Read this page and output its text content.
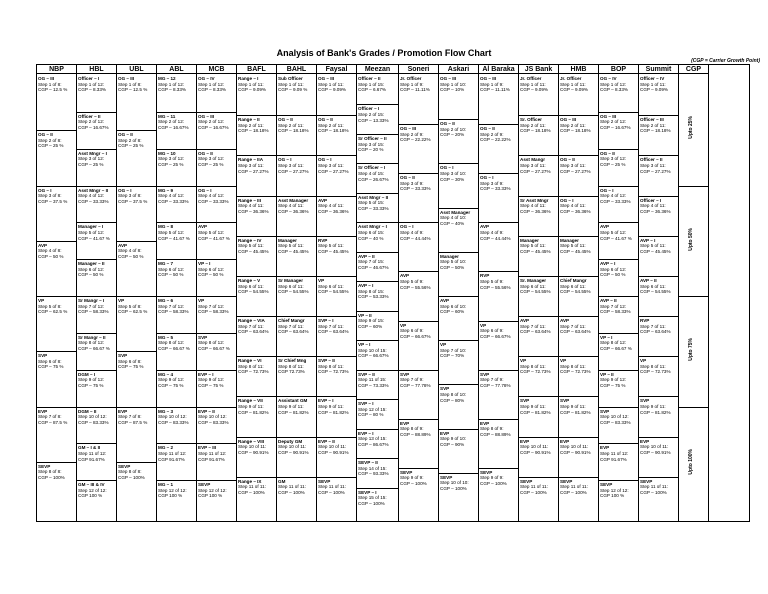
Analysis of Bank's Grades / Promotion Flow Chart
(CGP = Carrier Growth Point)
NBP
OG – III
Step 1 of 8:
CGP – 12.5 %
OG – II
Step 2 of 8:
CGP – 25 %
OG – I
Step 3 of 8:
CGP – 37.5 %
AVP
Step 4 of 8:
CGP – 50 %
VP
Step 5 of 8:
CGP – 62.5 %
SVP
Step 6 of 8:
CGP – 75 %
EVP
Step 7 of 8:
CGP – 87.5 %
SEVP
Step 8 of 8:
CGP – 100%
HBL
Officer – I
Step 1 of 12:
CGP – 8.33%
Officer – II
Step 2 of 12:
CGP – 16.67%
Asst Mngr – I
Step 3 of 12:
CGP – 25 %
Asst Mngr – II
Step 4 of 12:
CGP – 33.33%
Manager – I
Step 5 of 12:
CGP – 41.67 %
Manager – II
Step 6 of 12:
CGP – 50 %
Sr Mangr – I
Step 7 of 12:
CGP – 58.33%
Sr Mangr – II
Step 8 of 12:
CGP – 66.67 %
DGM – I
Step 9 of 12:
CGP – 75 %
DGM – II
Step 10 of 12:
CGP – 83.33%
GM – I & II
Step 11 of 12:
CGP 91.67%
GM – III & IV
Step 12 of 12:
CGP 100 %
UBL
OG – III
Step 1 of 8:
CGP – 12.5 %
OG – II
Step 2 of 8:
CGP – 25 %
OG – I
Step 3 of 8:
CGP – 37.5 %
AVP
Step 4 of 8:
CGP – 50 %
VP
Step 5 of 8:
CGP – 62.5 %
SVP
Step 6 of 8:
CGP – 75 %
EVP
Step 7 of 8:
CGP – 87.5 %
SEVP
Step 8 of 8:
CGP – 100%
ABL
MG – 12
Step 1 of 12:
CGP – 8.33%
MG – 11
Step 2 of 12:
CGP – 16.67%
MG – 10
Step 3 of 12:
CGP – 25 %
MG – 9
Step 4 of 12:
CGP – 33.33%
MG – 8
Step 5 of 12:
CGP – 41.67 %
MG – 7
Step 6 of 12:
CGP – 50 %
MG – 6
Step 7 of 12:
CGP – 58.33%
MG – 5
Step 8 of 12:
CGP – 66.67 %
MG – 4
Step 9 of 12:
CGP – 75 %
MG – 3
Step 10 of 12:
CGP – 83.33%
MG – 2
Step 11 of 12:
CGP 91.67%
MG – 1
Step 12 of 12:
CGP 100 %
MCB
OG – IV
Step 1 of 12:
CGP – 8.33%
OG – III
Step 2 of 12:
CGP – 16.67%
OG – II
Step 3 of 12:
CGP – 25 %
OG – I
Step 4 of 12:
CGP – 33.33%
AVP
Step 5 of 12:
CGP – 41.67 %
VP – I
Step 6 of 12:
CGP – 50 %
VP
Step 7 of 12:
CGP – 58.33%
SVP
Step 8 of 12:
CGP – 66.67 %
EVP – I
Step 9 of 12:
CGP – 75 %
EVP – II
Step 10 of 12:
CGP – 83.33%
EVP – III
Step 11 of 12:
CGP 91.67%
SEVP
Step 12 of 12:
CGP 100 %
BAFL
Range – I
Step 1 of 11:
CGP – 9.09%
Range – II
Step 2 of 11:
CGP – 18.18%
Range – IIA
Step 3 of 11:
CGP – 27.27%
Range – III
Step 4 of 11:
CGP – 36.36%
Range – IV
Step 5 of 11:
CGP – 45.45%
Range – V
Step 6 of 11:
CGP – 54.55%
Range – VIA
Step 7 of 11:
CGP – 63.64%
Range – VI
Step 8 of 11:
CGP – 72.73%
Range – VII
Step 9 of 11:
CGP – 81.82%
Range – VIII
Step 10 of 11:
CGP – 90.91%
Range – IX
Step 11 of 11:
CGP – 100%
BAHL
Sub Officer
Step 1 of 11:
CGP – 9.09 %
OG – II
Step 2 of 11:
CGP – 18.18%
OG – I
Step 3 of 11:
CGP – 27.27%
Asst Manager
Step 4 of 11:
CGP – 36.36%
Manager
Step 5 of 11:
CGP – 45.45%
Sr Manager
Step 6 of 11:
CGP – 54.55%
Chief Mangr
Step 7 of 11:
CGP – 63.64%
Sr Chief Mng
Step 8 of 11:
CGP 72.73%
Assistant GM
Step 9 of 11:
CGP – 81.82%
Deputy GM
Step 10 of 11:
CGP – 90.91%
GM
Step 11 of 11:
CGP – 100%
Faysal
OG – III
Step 1 of 11:
CGP – 9.09%
OG – II
Step 2 of 11:
CGP – 18.18%
OG – I
Step 3 of 11:
CGP – 27.27%
AVP
Step 4 of 11:
CGP – 36.36%
RVP
Step 5 of 11:
CGP – 45.45%
VP
Step 6 of 11:
CGP – 54.55%
SVP – I
Step 7 of 11:
CGP – 63.64%
SVP – II
Step 8 of 11:
CGP – 72.73%
EVP – I
Step 9 of 11:
CGP – 81.82%
EVP – II
Step 10 of 11:
CGP – 90.91%
SEVP
Step 11 of 11:
CGP – 100%
Meezan
Officer – II
Step 1 of 15:
CGP – 6.67%
Officer – I
Step 2 of 15:
CGP – 13.33%
Sr Officer – II
Step 3 of 15:
CGP – 20 %
Sr Officer – I
Step 4 of 15:
CGP – 26.67%
Asst Mngr – II
Step 5 of 15:
CGP – 33.33%
Asst Mngr – I
Step 6 of 15:
CGP – 40 %
AVP – II
Step 7 of 15:
CGP – 46.67%
AVP – I
Step 8 of 15:
CGP – 53.33%
VP – II
Step 9 of 15:
CGP – 60%
VP – I
Step 10 of 15:
CGP – 66.67%
SVP – II
Step 11 of 15:
CGP – 73.33%
SVP – I
Step 12 of 15:
CGP – 80 %
EVP – I
Step 13 of 15:
CGP – 86.67%
SEVP – II
Step 14 of 15:
CGP – 93.33%
SEVP – I
Step 15 of 15:
CGP – 100%
Soneri
Jr. Officer
Step 1 of 9:
CGP – 11.11%
OG – III
Step 2 of 9:
CGP – 22.22%
OG – II
Step 3 of 9:
CGP – 33.33%
OG – I
Step 4 of 9:
CGP – 44.44%
AVP
Step 5 of 9:
CGP – 55.56%
VP
Step 6 of 9:
CGP – 66.67%
SVP
Step 7 of 9:
CGP – 77.78%
EVP
Step 8 of 9:
CGP – 88.89%
SEVP
Step 9 of 9:
CGP – 100%
Askari
OG – III
Step 1 of 10:
CGP – 10%
OG – II
Step 2 of 10:
CGP – 20%
OG – I
Step 3 of 10:
CGP – 30%
Asst Manager
Step 4 of 10:
CGP – 40%
Manager
Step 5 of 10:
CGP – 50%
AVP
Step 6 of 10:
CGP – 60%
VP
Step 7 of 10:
CGP – 70%
SVP
Step 8 of 10:
CGP – 80%
EVP
Step 9 of 10:
CGP – 90%
SEVP
Step 10 of 10:
CGP – 100%
Al Baraka
OG – III
Step 1 of 9:
CGP – 11.11%
OG – II
Step 2 of 9:
CGP – 22.22%
OG – I
Step 3 of 9:
CGP – 33.33%
AVP
Step 4 of 9:
CGP – 44.44%
RVP
Step 5 of 9:
CGP – 55.56%
VP
Step 6 of 9:
CGP – 66.67%
SVP
Step 7 of 9:
CGP – 77.78%
EVP
Step 8 of 9:
CGP – 88.89%
SEVP
Step 9 of 9:
CGP – 100%
JS Bank
Jr. Officer
Step 1 of 11:
CGP – 9.09%
Sr. Officer
Step 2 of 11:
CGP – 18.18%
Asst Mangr
Step 3 of 11:
CGP – 27.27%
Sr Asst Mngr
Step 4 of 11:
CGP – 36.36%
Manager
Step 5 of 11:
CGP – 45.45%
Sr. Manager
Step 6 of 11:
CGP – 54.55%
AVP
Step 7 of 11:
CGP – 63.64%
VP
Step 8 of 11:
CGP – 72.73%
SVP
Step 9 of 11:
CGP – 81.82%
EVP
Step 10 of 11:
CGP – 90.91%
SEVP
Step 11 of 11:
CGP – 100%
HMB
Jr. Officer
Step 1 of 11:
CGP – 9.09%
OG – III
Step 2 of 11:
CGP – 18.18%
OG – II
Step 3 of 11:
CGP – 27.27%
OG – I
Step 4 of 11:
CGP – 36.36%
Manager
Step 5 of 11:
CGP – 45.45%
Chief Mangr
Step 6 of 11:
CGP – 54.55%
AVP
Step 7 of 11:
CGP – 63.64%
VP
Step 8 of 11:
CGP – 72.73%
SVP
Step 9 of 11:
CGP – 81.82%
EVP
Step 10 of 11:
CGP – 90.91%
SEVP
Step 11 of 11:
CGP – 100%
BOP
OG – IV
Step 1 of 12:
CGP – 8.33%
OG – III
Step 2 of 12:
CGP – 16.67%
OG – II
Step 3 of 12:
CGP – 25 %
OG – I
Step 4 of 12:
CGP – 33.33%
AVP
Step 5 of 12:
CGP – 41.67 %
AVP – I
Step 6 of 12:
CGP – 50 %
AVP – II
Step 7 of 12:
CGP – 58.33%
VP – I
Step 8 of 12:
CGP – 66.67 %
VP – II
Step 9 of 12:
CGP – 75 %
SVP
Step 10 of 12:
CGP – 83.33%
EVP
Step 11 of 12:
CGP 91.67%
SEVP
Step 12 of 12:
CGP 100 %
Summit
Officer – IV
Step 1 of 11:
CGP – 9.09%
Officer – III
Step 2 of 11:
CGP – 18.18%
Officer – II
Step 3 of 11:
CGP – 27.27%
Officer – I
Step 4 of 11:
CGP – 36.36%
AVP – I
Step 5 of 11:
CGP – 45.45%
AVP – II
Step 6 of 11:
CGP – 54.55%
RVP
Step 7 of 11:
CGP – 63.64%
VP
Step 8 of 11:
CGP – 72.73%
SVP
Step 9 of 11:
CGP – 81.82%
EVP
Step 10 of 11:
CGP – 90.91%
SEVP
Step 11 of 11:
CGP – 100%
CGP
Upto 25%
Upto 50%
Upto 75%
Upto 100%
